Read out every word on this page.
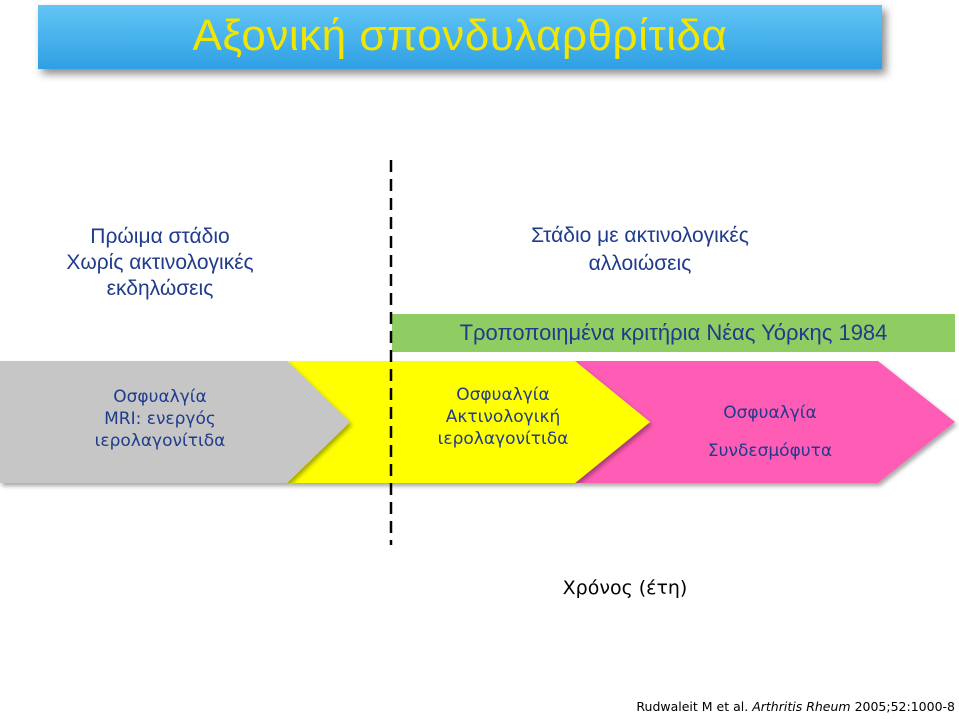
Αξονική σπονδυλαρθρίτιδα
Πρώιμα στάδιο
Χωρίς ακτινολογικές
εκδηλώσεις
Στάδιο με ακτινολογικές
αλλοιώσεις
Τροποποιημένα κριτήρια Νέας Υόρκης 1984
Οσφυαλγία
MRI: ενεργός
ιερολαγονίτιδα
Οσφυαλγία
Ακτινολογική
ιερολαγονίτιδα
Οσφυαλγία
Συνδεσμόφυτα
Χρόνος (έτη)
Rudwaleit M et al. Arthritis Rheum 2005;52:1000-8
